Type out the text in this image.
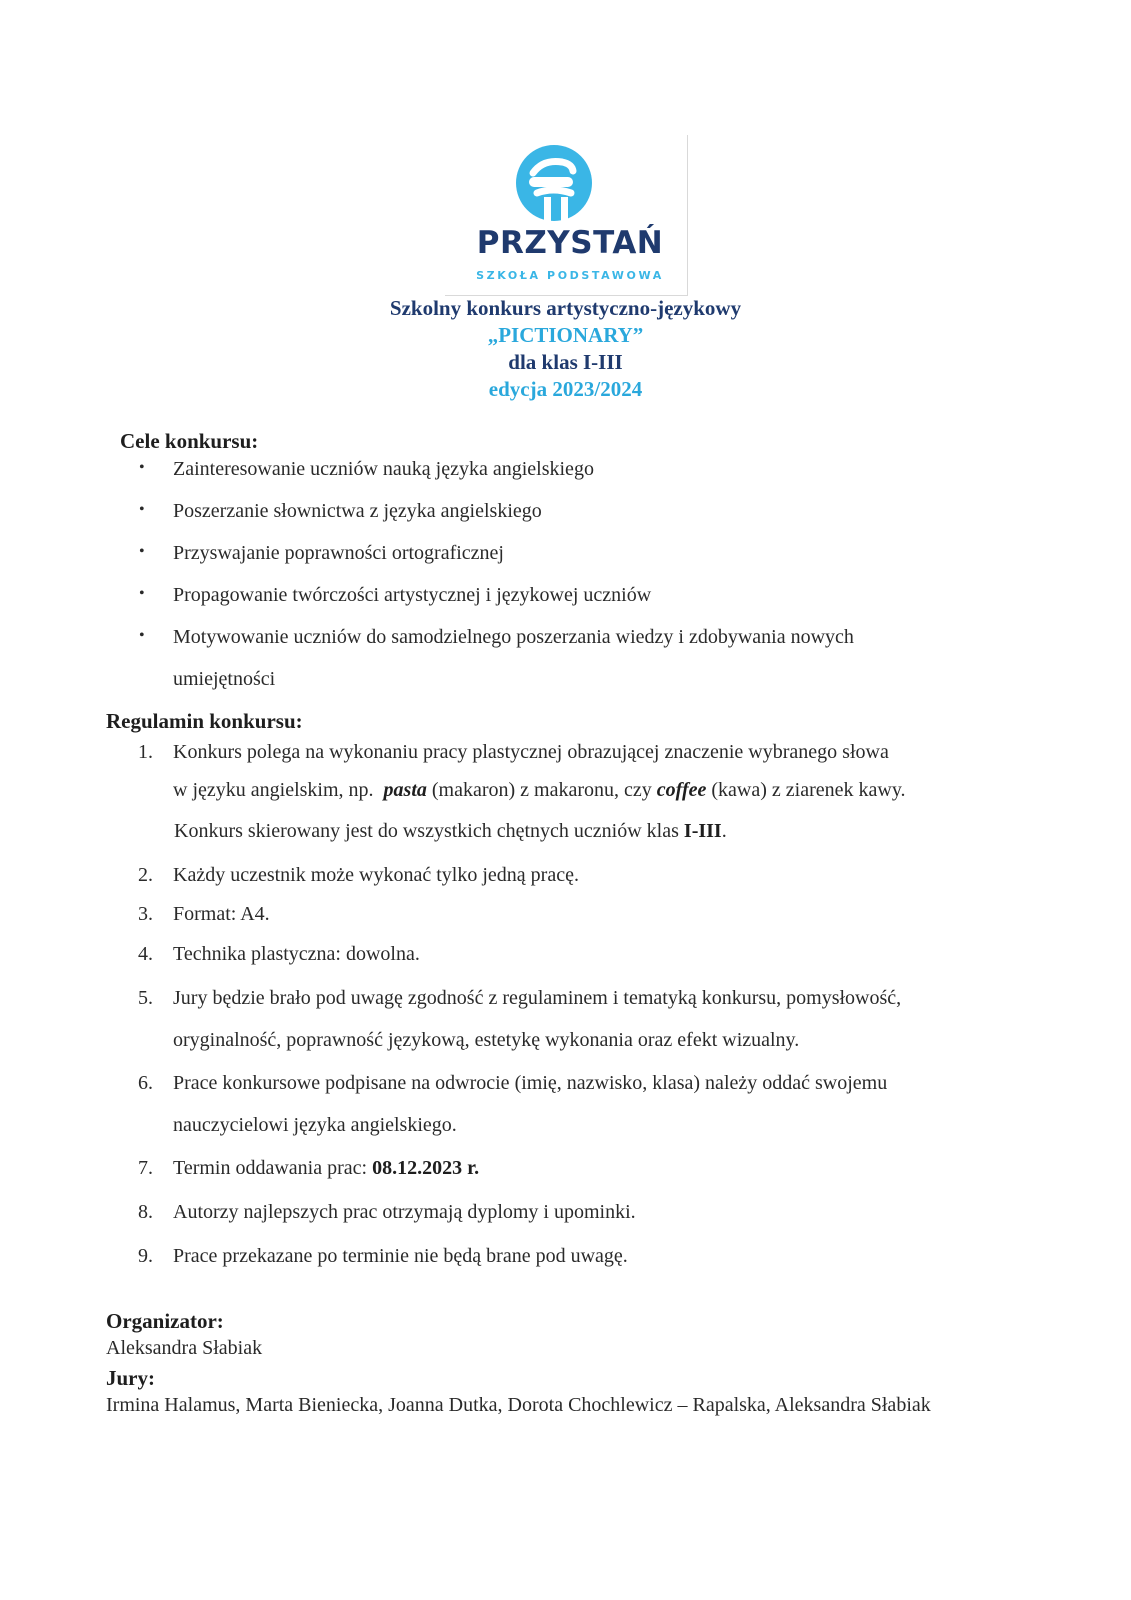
PRZYSTAŃ
SZKOŁA PODSTAWOWA
Szkolny konkurs artystyczno-językowy
„PICTIONARY”
dla klas I-III
edycja 2023/2024
Cele konkursu:
• Zainteresowanie uczniów nauką języka angielskiego
• Poszerzanie słownictwa z języka angielskiego
• Przyswajanie poprawności ortograficznej
• Propagowanie twórczości artystycznej i językowej uczniów
• Motywowanie uczniów do samodzielnego poszerzania wiedzy i zdobywania nowych
umiejętności
Regulamin konkursu:
1. Konkurs polega na wykonaniu pracy plastycznej obrazującej znaczenie wybranego słowa
w języku angielskim, np. pasta (makaron) z makaronu, czy coffee (kawa) z ziarenek kawy.
Konkurs skierowany jest do wszystkich chętnych uczniów klas I-III.
2. Każdy uczestnik może wykonać tylko jedną pracę.
3. Format: A4.
4. Technika plastyczna: dowolna.
5. Jury będzie brało pod uwagę zgodność z regulaminem i tematyką konkursu, pomysłowość,
oryginalność, poprawność językową, estetykę wykonania oraz efekt wizualny.
6. Prace konkursowe podpisane na odwrocie (imię, nazwisko, klasa) należy oddać swojemu
nauczycielowi języka angielskiego.
7. Termin oddawania prac: 08.12.2023 r.
8. Autorzy najlepszych prac otrzymają dyplomy i upominki.
9. Prace przekazane po terminie nie będą brane pod uwagę.
Organizator:
Aleksandra Słabiak
Jury:
Irmina Halamus, Marta Bieniecka, Joanna Dutka, Dorota Chochlewicz – Rapalska, Aleksandra Słabiak
